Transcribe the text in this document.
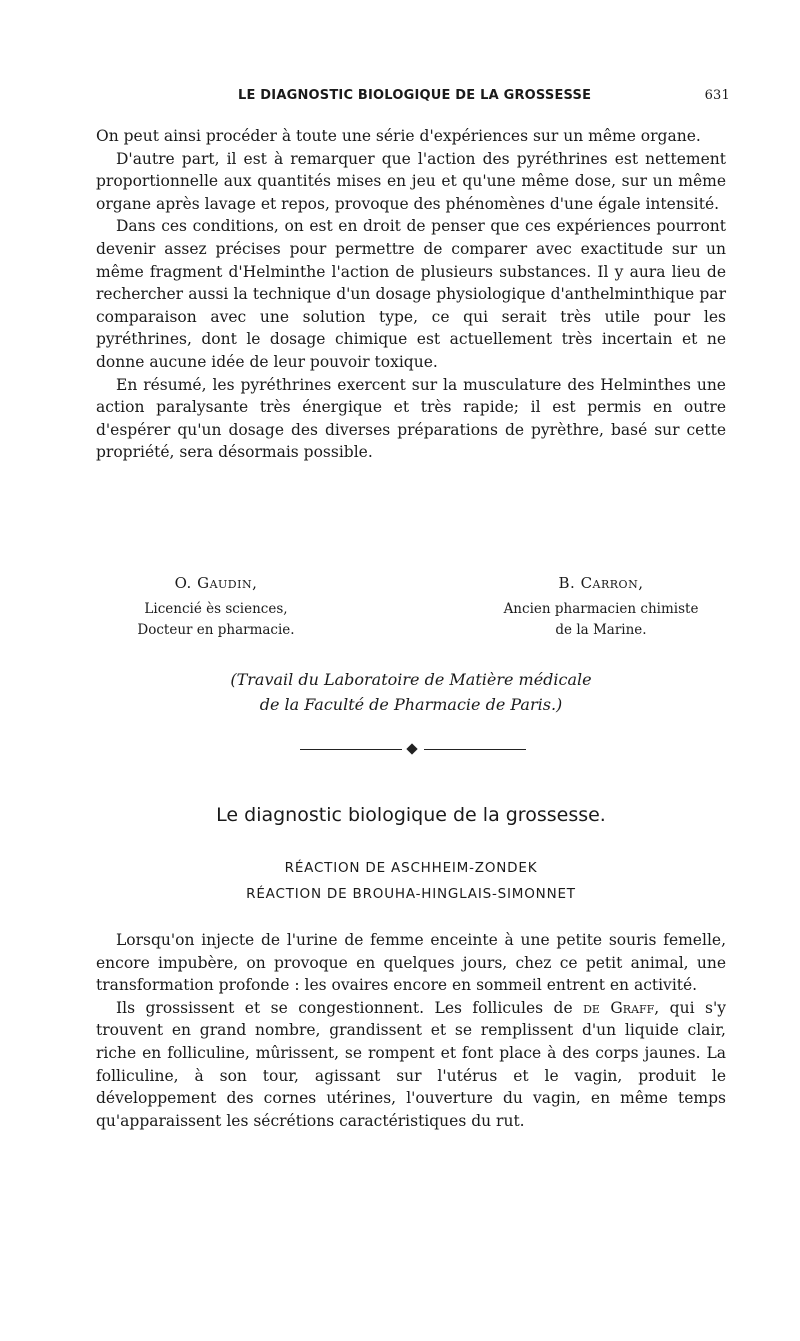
LE DIAGNOSTIC BIOLOGIQUE DE LA GROSSESSE	631

On peut ainsi procéder à toute une série d'expériences sur un même organe.

D'autre part, il est à remarquer que l'action des pyréthrines est nettement proportionnelle aux quantités mises en jeu et qu'une même dose, sur un même organe après lavage et repos, provoque des phénomènes d'une égale intensité.

Dans ces conditions, on est en droit de penser que ces expériences pourront devenir assez précises pour permettre de comparer avec exactitude sur un même fragment d'Helminthe l'action de plusieurs substances. Il y aura lieu de rechercher aussi la technique d'un dosage physiologique d'anthelminthique par comparaison avec une solution type, ce qui serait très utile pour les pyréthrines, dont le dosage chimique est actuellement très incertain et ne donne aucune idée de leur pouvoir toxique.

En résumé, les pyréthrines exercent sur la musculature des Helminthes une action paralysante très énergique et très rapide; il est permis en outre d'espérer qu'un dosage des diverses préparations de pyrèthre, basé sur cette propriété, sera désormais possible.

O. Gaudin,
Licencié ès sciences,
Docteur en pharmacie.
B. Carron,
Ancien pharmacien chimiste
de la Marine.
(Travail du Laboratoire de Matière médicale
de la Faculté de Pharmacie de Paris.)
Le diagnostic biologique de la grossesse.
RÉACTION DE ASCHHEIM-ZONDEK
RÉACTION DE BROUHA-HINGLAIS-SIMONNET

Lorsqu'on injecte de l'urine de femme enceinte à une petite souris femelle, encore impubère, on provoque en quelques jours, chez ce petit animal, une transformation profonde : les ovaires encore en sommeil entrent en activité.

Ils grossissent et se congestionnent. Les follicules de de Graff, qui s'y trouvent en grand nombre, grandissent et se remplissent d'un liquide clair, riche en folliculine, mûrissent, se rompent et font place à des corps jaunes. La folliculine, à son tour, agissant sur l'utérus et le vagin, produit le développement des cornes utérines, l'ouverture du vagin, en même temps qu'apparaissent les sécrétions caractéristiques du rut.
